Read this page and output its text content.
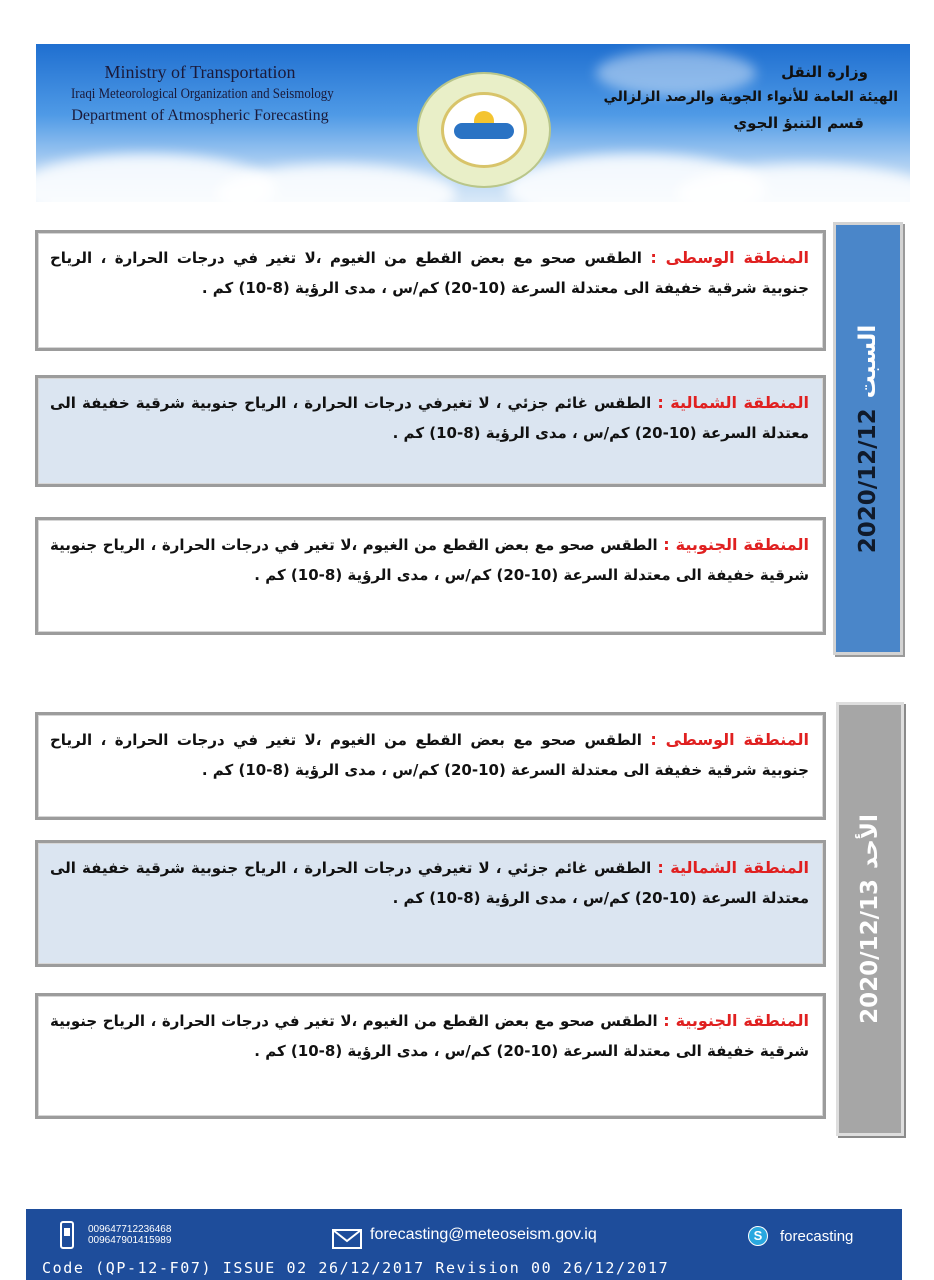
Ministry of Transportation
Iraqi Meteorological Organization and Seismology
Department of Atmospheric Forecasting
وزارة النقل
الهيئة العامة للأنواء الجوية والرصد الزلزالي
قسم التنبؤ الجوي

المنطقة الوسطى : الطقس صحو مع بعض القطع من الغيوم ،لا تغير في درجات الحرارة ، الرياح جنوبية شرقية خفيفة الى معتدلة السرعة (10-20) كم/س ، مدى الرؤية (8-10) كم .

المنطقة الشمالية : الطقس غائم جزئي ، لا تغيرفي درجات الحرارة ، الرياح جنوبية شرقية خفيفة الى معتدلة السرعة (10-20) كم/س ، مدى الرؤية (8-10) كم .

المنطقة الجنوبية : الطقس صحو مع بعض القطع من الغيوم ،لا تغير في درجات الحرارة ، الرياح جنوبية شرقية خفيفة الى معتدلة السرعة (10-20) كم/س ، مدى الرؤية (8-10) كم .

2020/12/12السبت

المنطقة الوسطى : الطقس صحو مع بعض القطع من الغيوم ،لا تغير في درجات الحرارة ، الرياح جنوبية شرقية خفيفة الى معتدلة السرعة (10-20) كم/س ، مدى الرؤية (8-10) كم .

المنطقة الشمالية : الطقس غائم جزئي ، لا تغيرفي درجات الحرارة ، الرياح جنوبية شرقية خفيفة الى معتدلة السرعة (10-20) كم/س ، مدى الرؤية (8-10) كم .

المنطقة الجنوبية : الطقس صحو مع بعض القطع من الغيوم ،لا تغير في درجات الحرارة ، الرياح جنوبية شرقية خفيفة الى معتدلة السرعة (10-20) كم/س ، مدى الرؤية (8-10) كم .

2020/12/13الأحد
009647712236468
009647901415989	forecasting@meteoseism.gov.iq	S	forecasting
Code (QP-12-F07) ISSUE 02 26/12/2017 Revision 00 26/12/2017
